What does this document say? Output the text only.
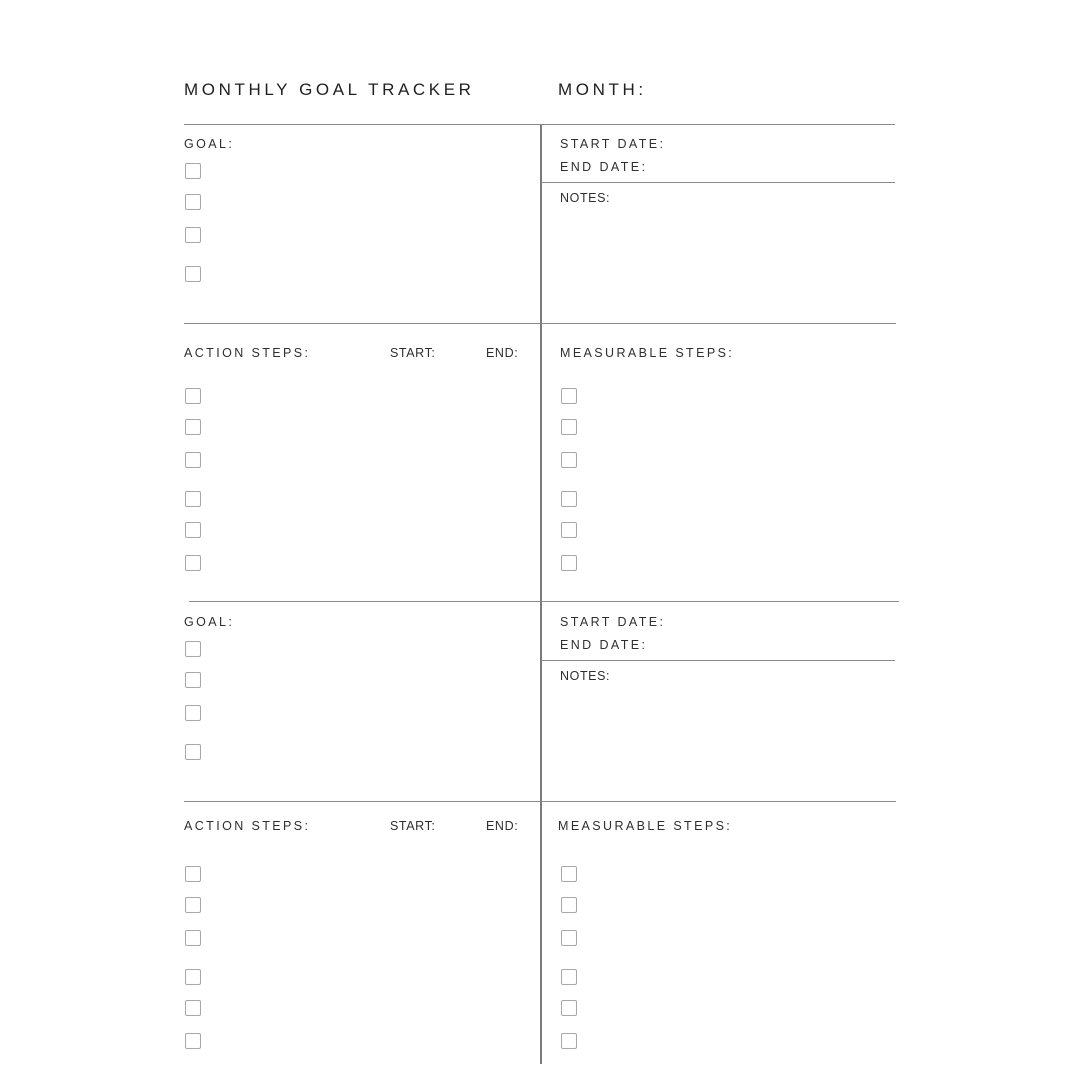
MONTHLY GOAL TRACKER	MONTH:
GOAL:	START DATE:
END DATE:
NOTES:
ACTION STEPS:	START:	END:	MEASURABLE STEPS:
GOAL:	START DATE:
END DATE:
NOTES:
ACTION STEPS:	START:	END:	MEASURABLE STEPS:
